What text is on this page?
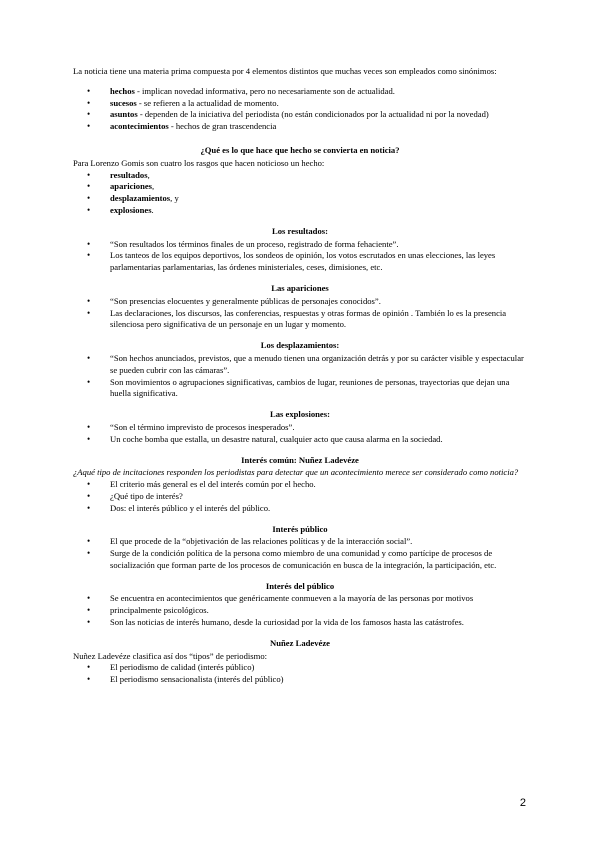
La noticia tiene una materia prima compuesta por 4 elementos distintos que muchas veces son empleados como sinónimos:

• hechos - implican novedad informativa, pero no necesariamente son de actualidad.
• sucesos - se refieren a la actualidad de momento.
• asuntos - dependen de la iniciativa del periodista (no están condicionados por la actualidad ni por la novedad)
• acontecimientos - hechos de gran trascendencia

¿Qué es lo que hace que hecho se convierta en noticia?

Para Lorenzo Gomis son cuatro los rasgos que hacen noticioso un hecho:

• resultados,
• apariciones,
• desplazamientos, y
• explosiones.

Los resultados:

• “Son resultados los términos finales de un proceso, registrado de forma fehaciente”.
• Los tanteos de los equipos deportivos, los sondeos de opinión, los votos escrutados en unas elecciones, las leyes parlamentarias parlamentarias, las órdenes ministeriales, ceses, dimisiones, etc.

Las apariciones

• “Son presencias elocuentes y generalmente públicas de personajes conocidos”.
• Las declaraciones, los discursos, las conferencias, respuestas y otras formas de opinión . También lo es la presencia silenciosa pero significativa de un personaje en un lugar y momento.

Los desplazamientos:

• “Son hechos anunciados, previstos, que a menudo tienen una organización detrás y por su carácter visible y espectacular se pueden cubrir con las cámaras”.
• Son movimientos o agrupaciones significativas, cambios de lugar, reuniones de personas, trayectorias que dejan una huella significativa.

Las explosiones:

• “Son el término imprevisto de procesos inesperados”.
• Un coche bomba que estalla, un desastre natural, cualquier acto que causa alarma en la sociedad.

Interés común: Nuñez Ladevéze

¿Aqué tipo de incitaciones responden los periodistas para detectar que un acontecimiento merece ser considerado como noticia?

• El criterio más general es el del interés común por el hecho.
• ¿Qué tipo de interés?
• Dos: el interés público y el interés del público.

Interés público

• El que procede de la “objetivación de las relaciones políticas y de la interacción social”.
• Surge de la condición política de la persona como miembro de una comunidad y como partícipe de procesos de socialización que forman parte de los procesos de comunicación en busca de la integración, la participación, etc.

Interés del público

• Se encuentra en acontecimientos que genéricamente conmueven a la mayoría de las personas por motivos
• principalmente psicológicos.
• Son las noticias de interés humano, desde la curiosidad por la vida de los famosos hasta las catástrofes.

Nuñez Ladevéze

Nuñez Ladevéze clasifica así dos “tipos” de periodismo:

• El periodismo de calidad (interés público)
• El periodismo sensacionalista (interés del público)
2
